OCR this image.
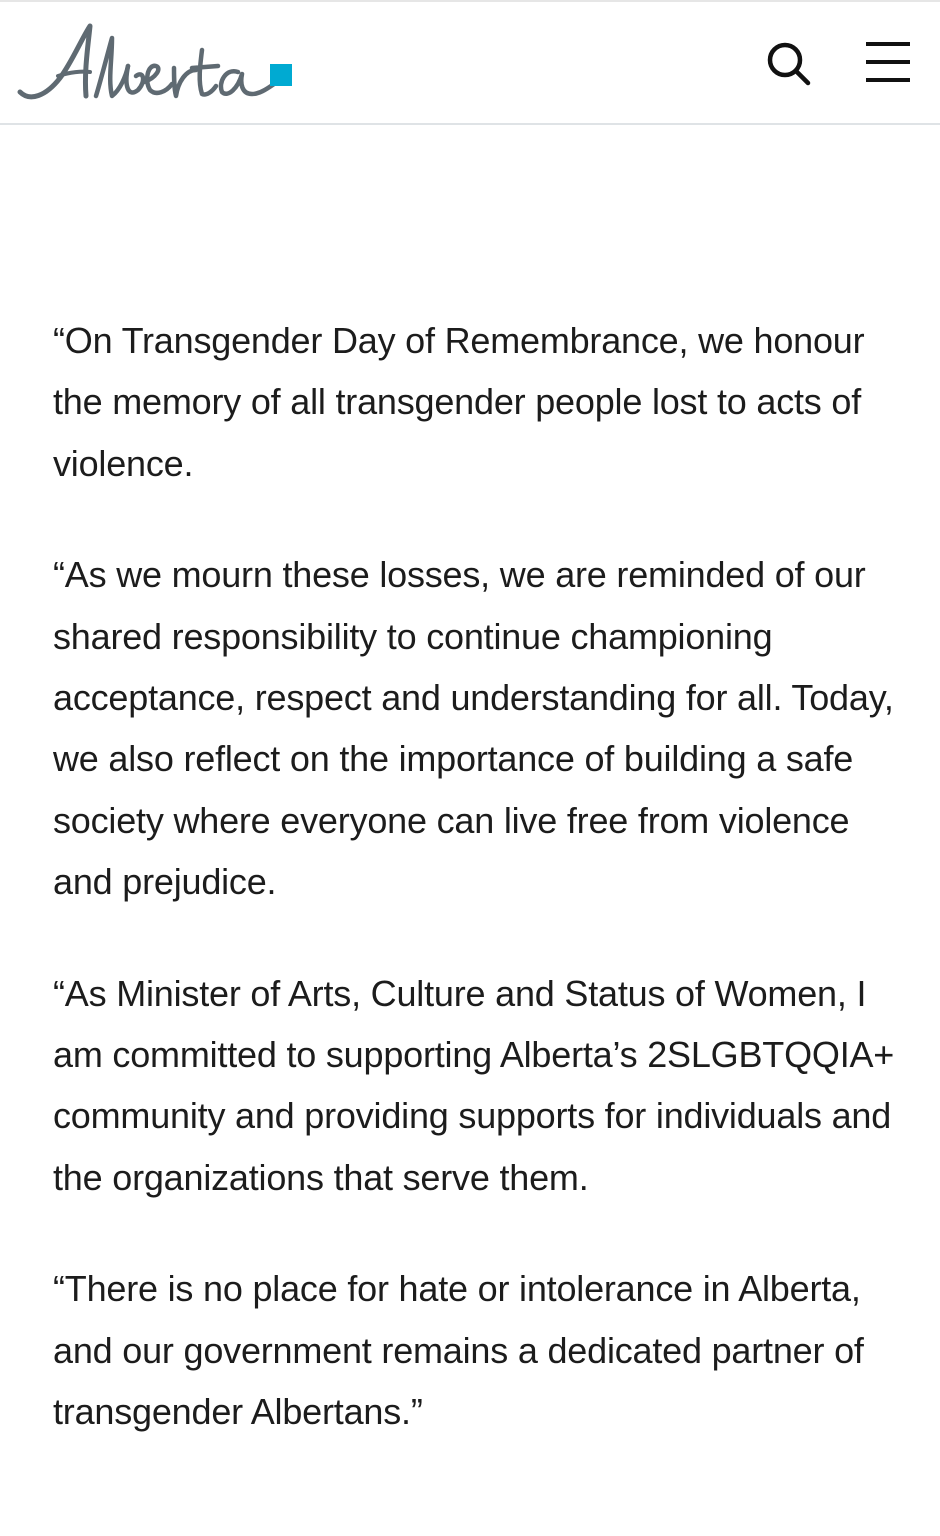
“On Transgender Day of Remembrance, we honour the memory of all transgender people lost to acts of violence.

“As we mourn these losses, we are reminded of our shared responsibility to continue championing acceptance, respect and understanding for all. Today, we also reflect on the importance of building a safe society where everyone can live free from violence and prejudice.

“As Minister of Arts, Culture and Status of Women, I am committed to supporting Alberta’s 2SLGBTQQIA+ community and providing supports for individuals and the organizations that serve them.

“There is no place for hate or intolerance in Alberta, and our government remains a dedicated partner of transgender Albertans.”
